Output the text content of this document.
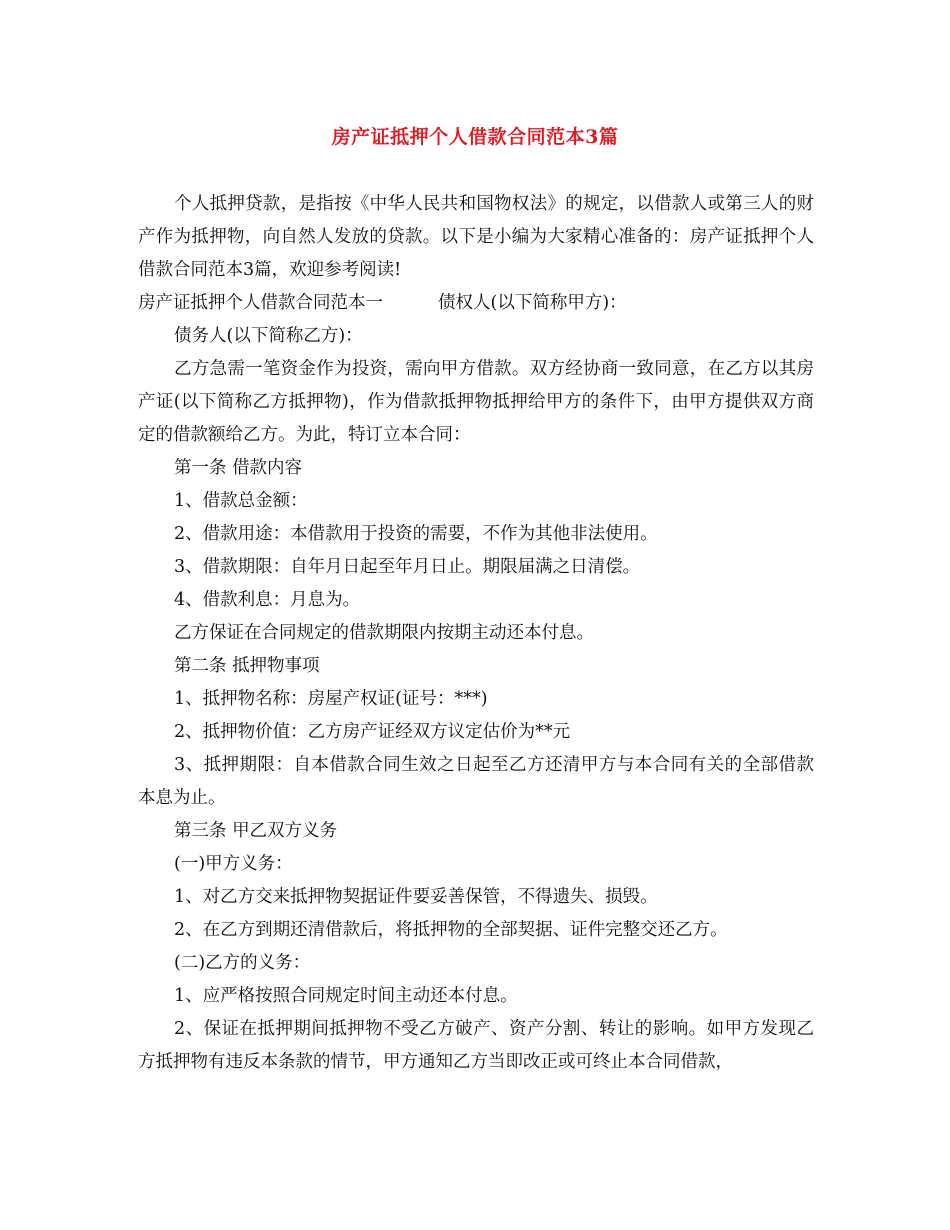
房产证抵押个人借款合同范本3篇

个人抵押贷款，是指按《中华人民共和国物权法》的规定，以借款人或第三人的财产作为抵押物，向自然人发放的贷款。以下是小编为大家精心准备的：房产证抵押个人借款合同范本3篇，欢迎参考阅读!

房产证抵押个人借款合同范本一	债权人(以下简称甲方)：

债务人(以下简称乙方)：

乙方急需一笔资金作为投资，需向甲方借款。双方经协商一致同意，在乙方以其房产证(以下简称乙方抵押物)，作为借款抵押物抵押给甲方的条件下，由甲方提供双方商定的借款额给乙方。为此，特订立本合同：

第一条 借款内容

1、借款总金额：

2、借款用途：本借款用于投资的需要，不作为其他非法使用。

3、借款期限：自年月日起至年月日止。期限届满之日清偿。

4、借款利息：月息为。

乙方保证在合同规定的借款期限内按期主动还本付息。

第二条 抵押物事项

1、抵押物名称：房屋产权证(证号：***)

2、抵押物价值：乙方房产证经双方议定估价为**元

3、抵押期限：自本借款合同生效之日起至乙方还清甲方与本合同有关的全部借款本息为止。

第三条 甲乙双方义务

(一)甲方义务：

1、对乙方交来抵押物契据证件要妥善保管，不得遗失、损毁。

2、在乙方到期还清借款后，将抵押物的全部契据、证件完整交还乙方。

(二)乙方的义务：

1、应严格按照合同规定时间主动还本付息。

2、保证在抵押期间抵押物不受乙方破产、资产分割、转让的影响。如甲方发现乙方抵押物有违反本条款的情节，甲方通知乙方当即改正或可终止本合同借款，
